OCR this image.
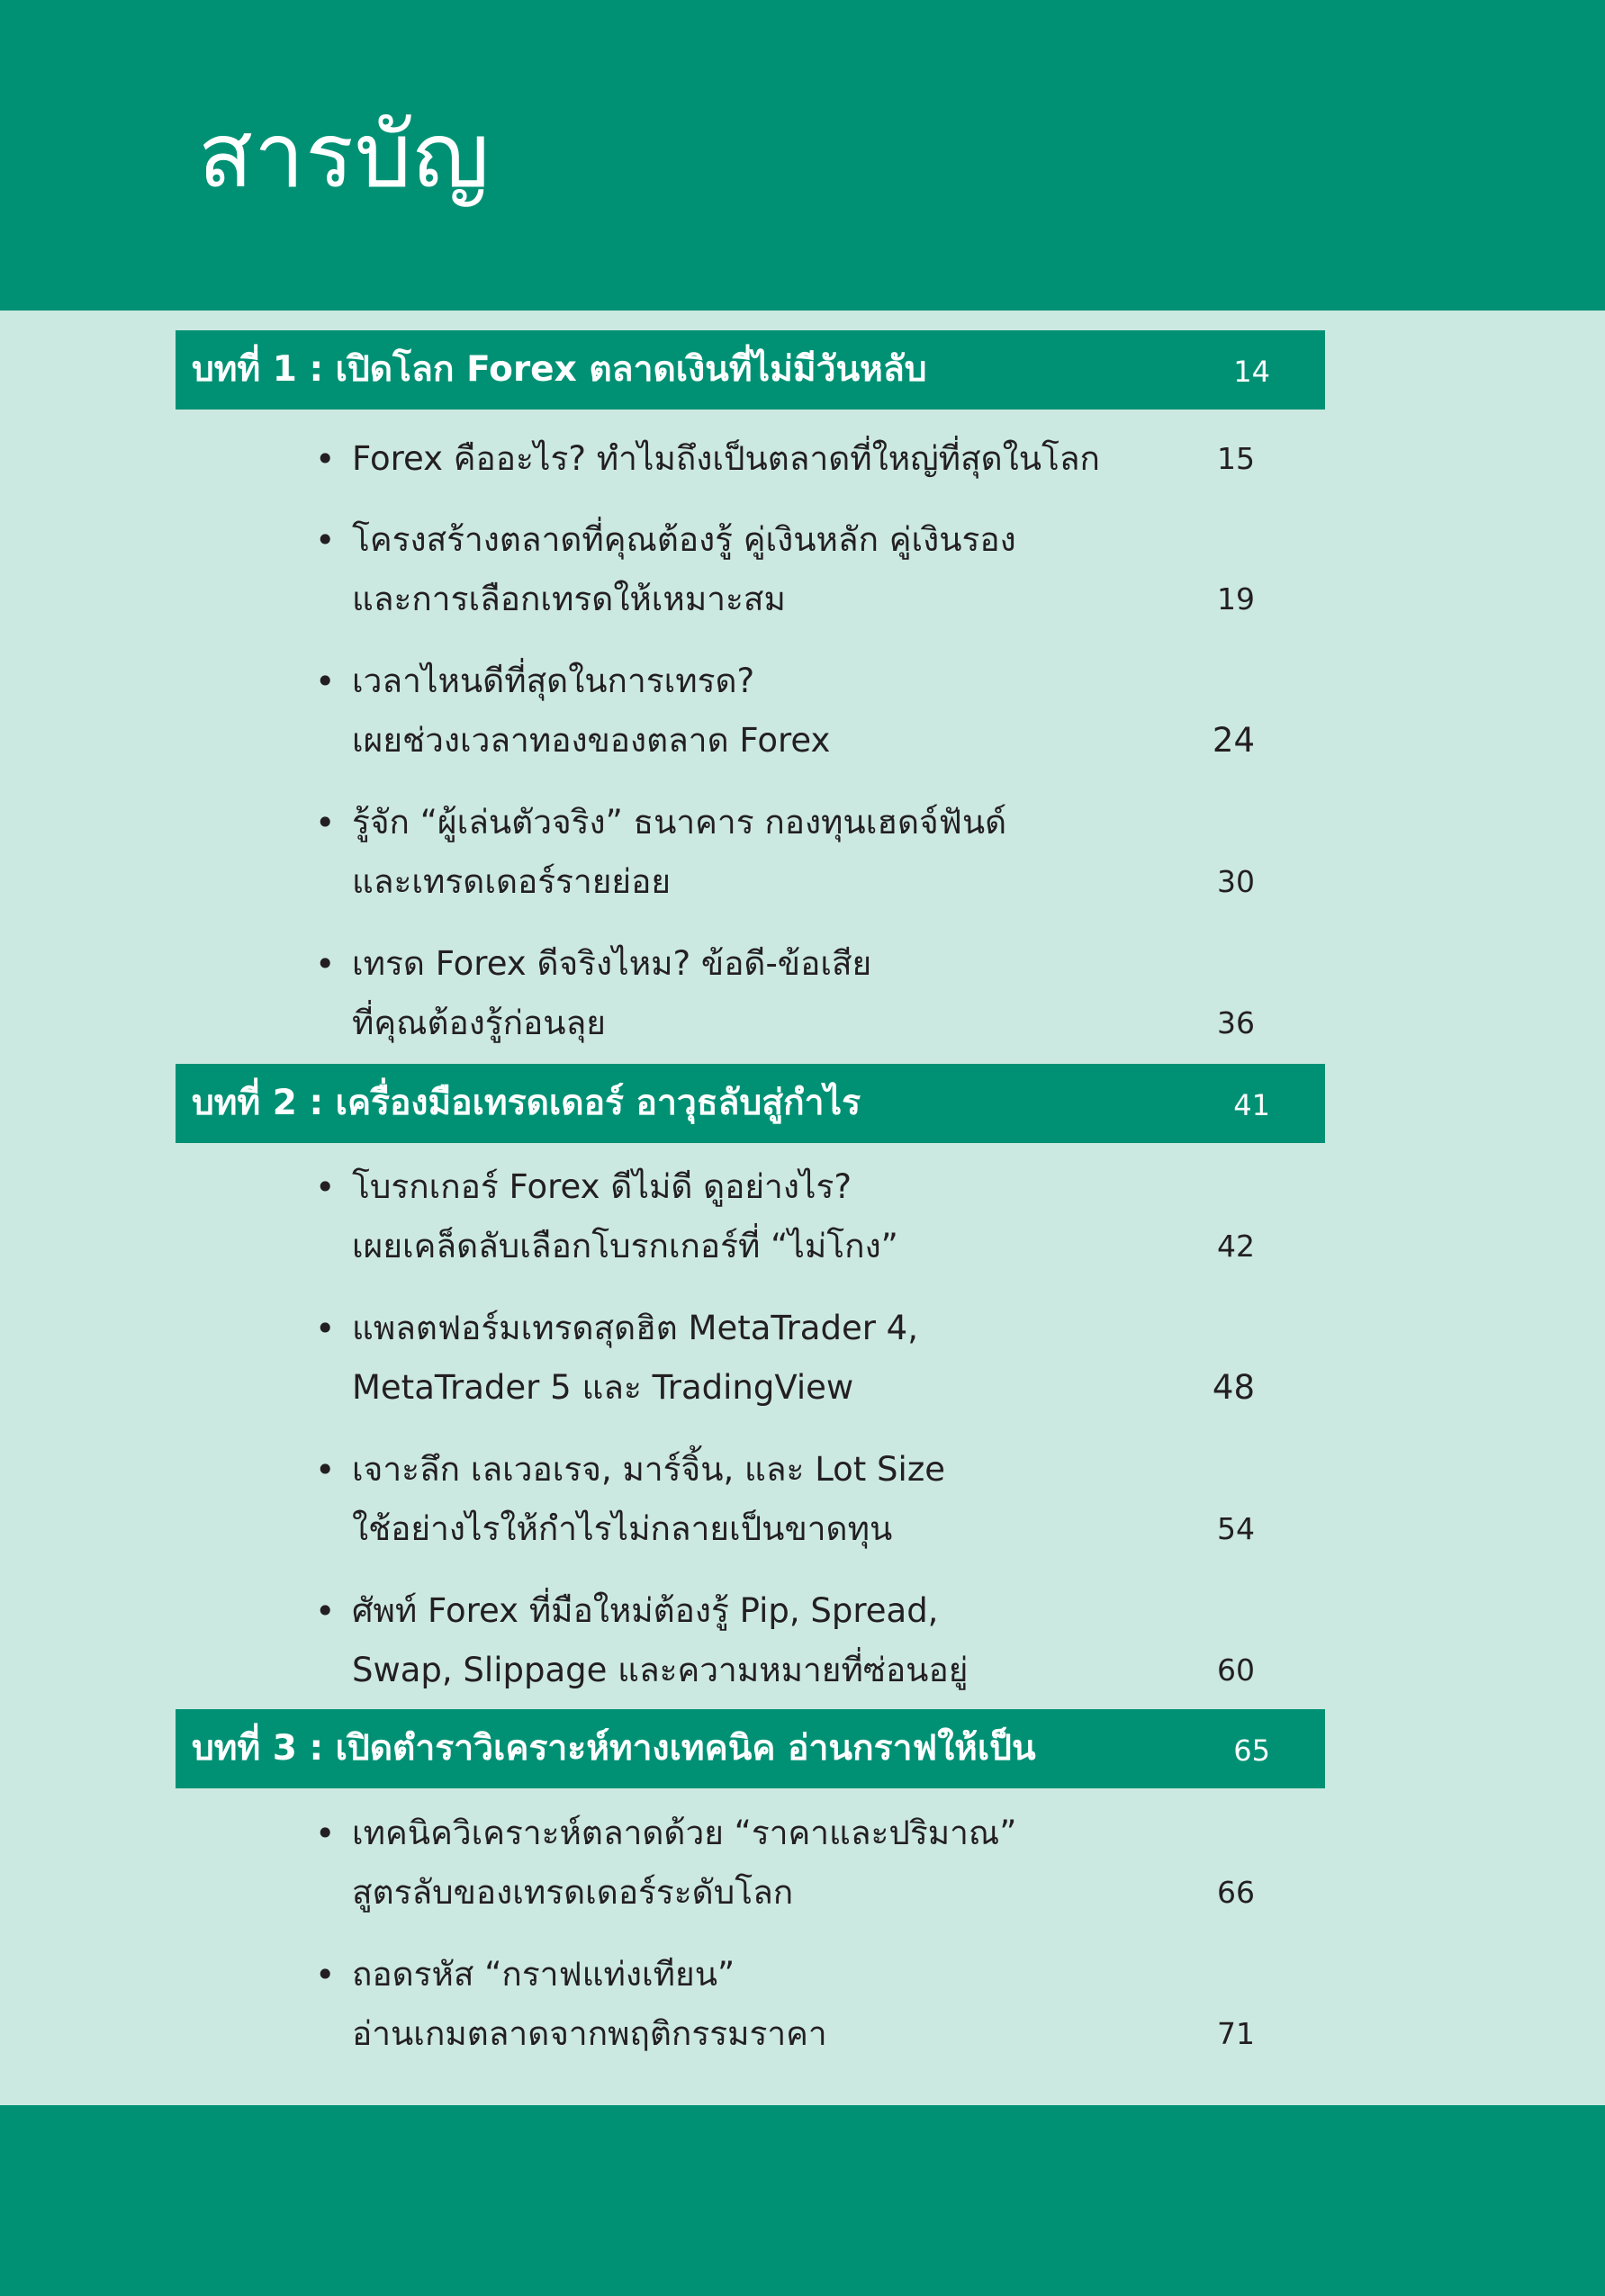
สารบัญ
บทที่ 1 : เปิดโลก Forex ตลาดเงินที่ไม่มีวันหลับ	14
• Forex คืออะไร? ทำไมถึงเป็นตลาดที่ใหญ่ที่สุดในโลก	15
• โครงสร้างตลาดที่คุณต้องรู้ คู่เงินหลัก คู่เงินรอง
และการเลือกเทรดให้เหมาะสม	19
• เวลาไหนดีที่สุดในการเทรด?
เผยช่วงเวลาทองของตลาด Forex	24
• รู้จัก “ผู้เล่นตัวจริง” ธนาคาร กองทุนเฮดจ์ฟันด์
และเทรดเดอร์รายย่อย	30
• เทรด Forex ดีจริงไหม? ข้อดี-ข้อเสีย
ที่คุณต้องรู้ก่อนลุย	36
บทที่ 2 : เครื่องมือเทรดเดอร์ อาวุธลับสู่กำไร	41
• โบรกเกอร์ Forex ดีไม่ดี ดูอย่างไร?
เผยเคล็ดลับเลือกโบรกเกอร์ที่ “ไม่โกง”	42
• แพลตฟอร์มเทรดสุดฮิต MetaTrader 4,
MetaTrader 5 และ TradingView	48
• เจาะลึก เลเวอเรจ, มาร์จิ้น, และ Lot Size
ใช้อย่างไรให้กำไรไม่กลายเป็นขาดทุน	54
• ศัพท์ Forex ที่มือใหม่ต้องรู้ Pip, Spread,
Swap, Slippage และความหมายที่ซ่อนอยู่	60
บทที่ 3 : เปิดตำราวิเคราะห์ทางเทคนิค อ่านกราฟให้เป็น	65
• เทคนิควิเคราะห์ตลาดด้วย “ราคาและปริมาณ”
สูตรลับของเทรดเดอร์ระดับโลก	66
• ถอดรหัส “กราฟแท่งเทียน”
อ่านเกมตลาดจากพฤติกรรมราคา	71
